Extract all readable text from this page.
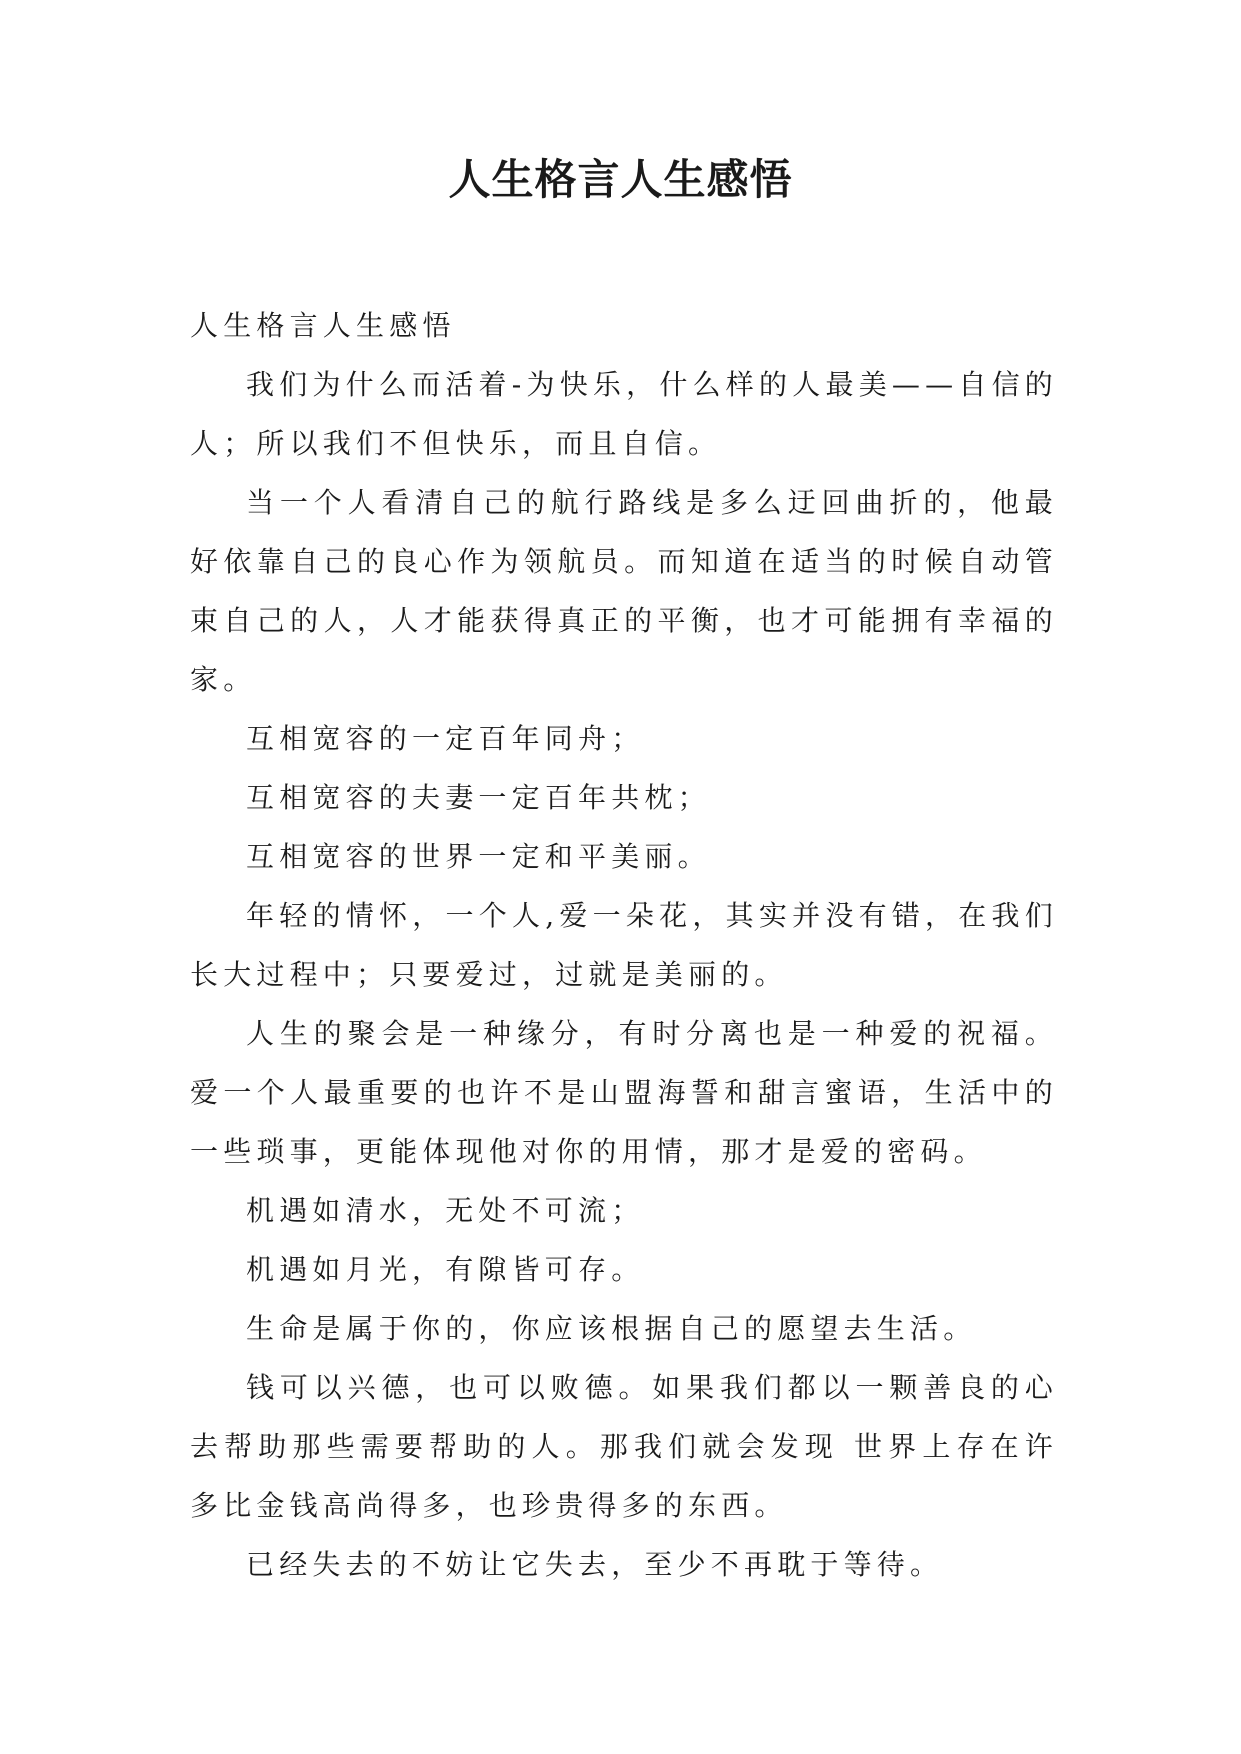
人生格言人生感悟

人生格言人生感悟

我们为什么而活着-为快乐，什么样的人最美——自信的人；所以我们不但快乐，而且自信。

当一个人看清自己的航行路线是多么迂回曲折的，他最好依靠自己的良心作为领航员。而知道在适当的时候自动管束自己的人，人才能获得真正的平衡，也才可能拥有幸福的家。

互相宽容的一定百年同舟；

互相宽容的夫妻一定百年共枕；

互相宽容的世界一定和平美丽。

年轻的情怀，一个人,爱一朵花，其实并没有错，在我们长大过程中；只要爱过，过就是美丽的。

人生的聚会是一种缘分，有时分离也是一种爱的祝福。爱一个人最重要的也许不是山盟海誓和甜言蜜语，生活中的一些琐事，更能体现他对你的用情，那才是爱的密码。

机遇如清水，无处不可流；

机遇如月光，有隙皆可存。

生命是属于你的，你应该根据自己的愿望去生活。

钱可以兴德，也可以败德。如果我们都以一颗善良的心去帮助那些需要帮助的人。那我们就会发现 世界上存在许多比金钱高尚得多，也珍贵得多的东西。

已经失去的不妨让它失去，至少不再耽于等待。
